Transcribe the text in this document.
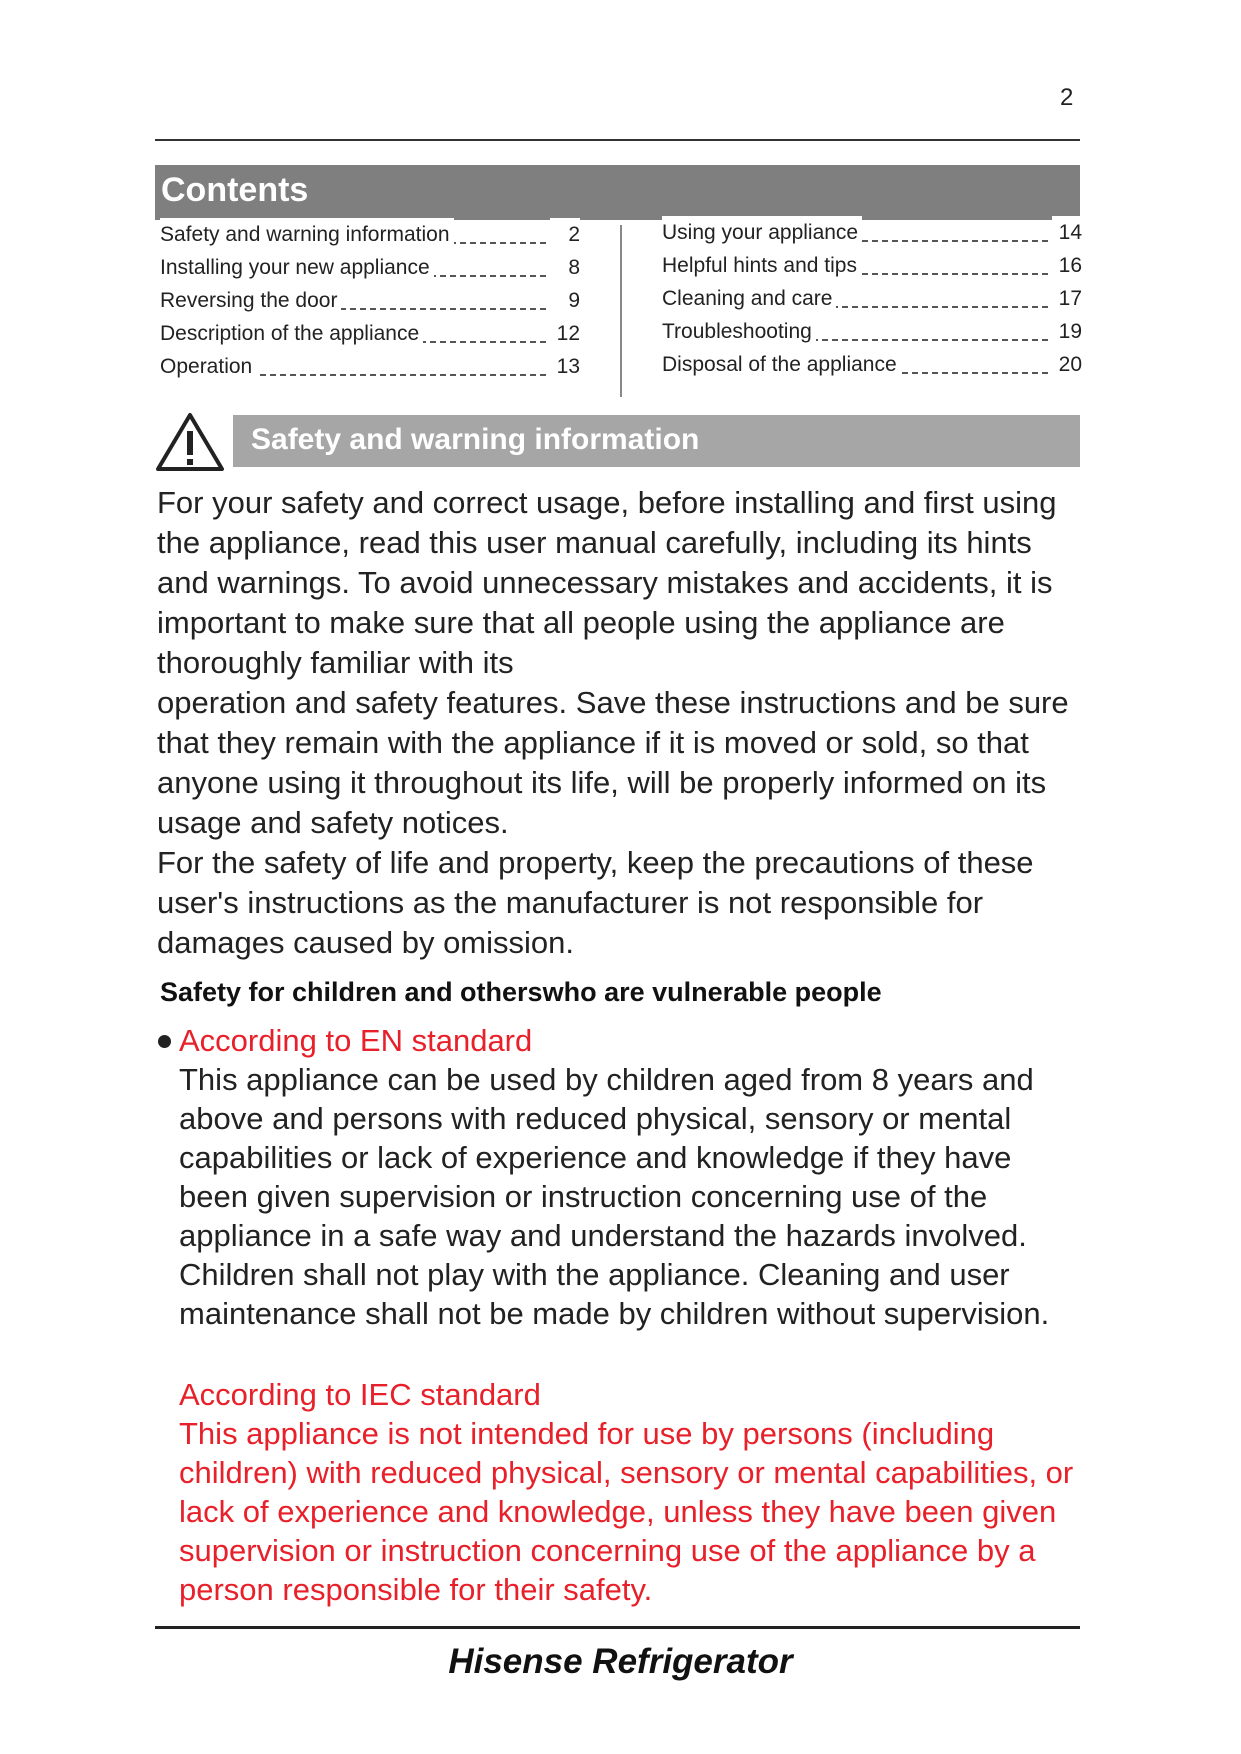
2
Contents
Safety and warning information	2
Installing your new appliance	8
Reversing the door	9
Description of the appliance	12
Operation	13
Using your appliance	14
Helpful hints and tips	16
Cleaning and care	17
Troubleshooting	19
Disposal of the appliance	20
Safety and warning information

For your safety and correct usage, before installing and first using the appliance, read this user manual carefully, including its hints and warnings. To avoid unnecessary mistakes and accidents, it is important to make sure that all people using the appliance are thoroughly familiar with its

operation and safety features. Save these instructions and be sure that they remain with the appliance if it is moved or sold, so that anyone using it throughout its life, will be properly informed on its usage and safety notices.

For the safety of life and property, keep the precautions of these user's instructions as the manufacturer is not responsible for damages caused by omission.

Safety for children and otherswho are vulnerable people
According to EN standard
This appliance can be used by children aged from 8 years and above and persons with reduced physical, sensory or mental capabilities or lack of experience and knowledge if they have been given supervision or instruction concerning use of the appliance in a safe way and understand the hazards involved. Children shall not play with the appliance. Cleaning and user maintenance shall not be made by children without supervision.
According to IEC standard
This appliance is not intended for use by persons (including children) with reduced physical, sensory or mental capabilities, or lack of experience and knowledge, unless they have been given supervision or instruction concerning use of the appliance by a person responsible for their safety.
Hisense Refrigerator
